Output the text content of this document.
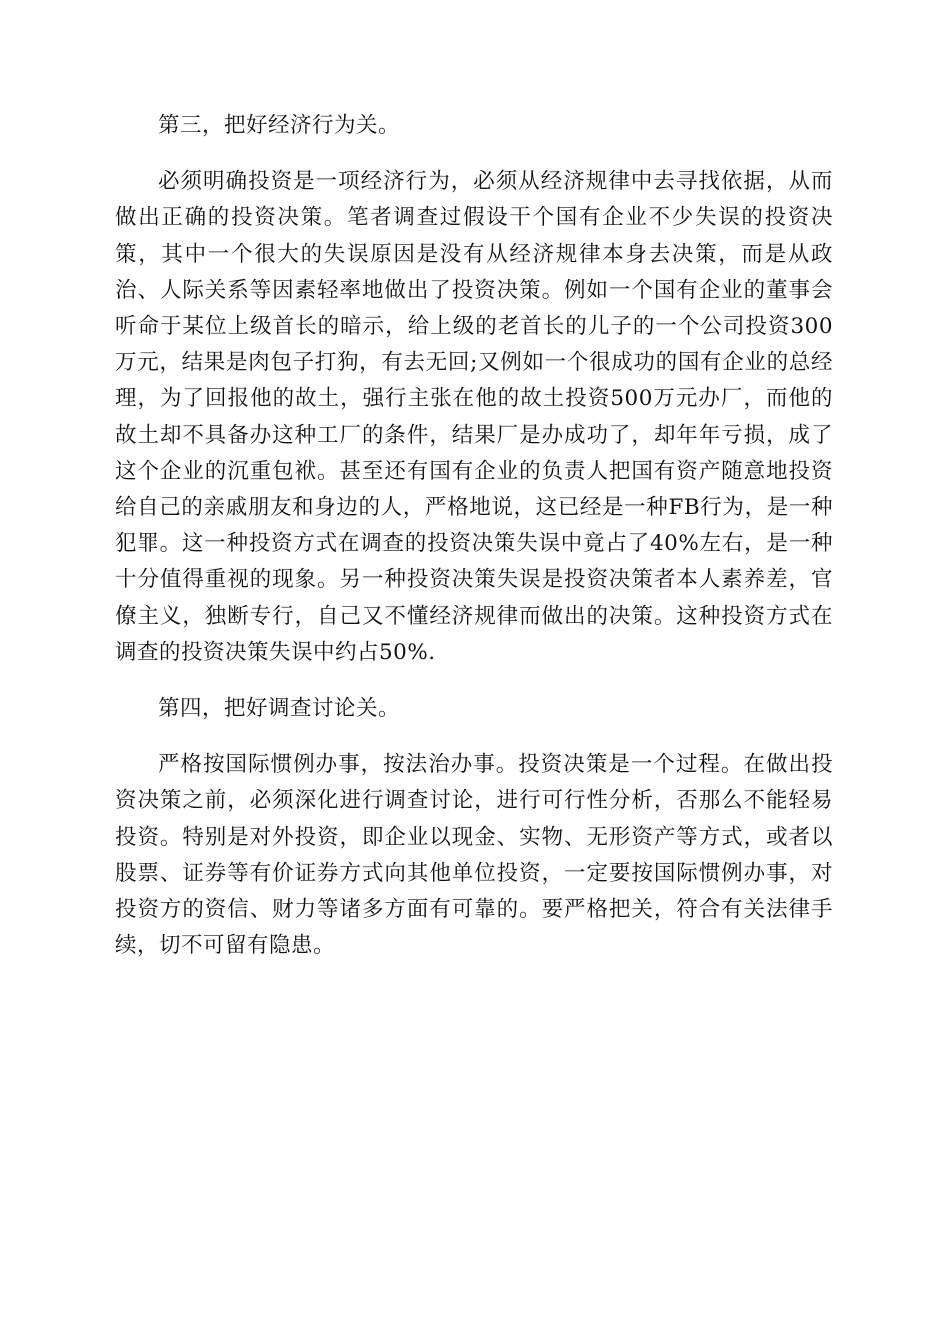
第三，把好经济行为关。

必须明确投资是一项经济行为，必须从经济规律中去寻找依据，从而做出正确的投资决策。笔者调查过假设干个国有企业不少失误的投资决策，其中一个很大的失误原因是没有从经济规律本身去决策，而是从政治、人际关系等因素轻率地做出了投资决策。例如一个国有企业的董事会听命于某位上级首长的暗示，给上级的老首长的儿子的一个公司投资300万元，结果是肉包子打狗，有去无回;又例如一个很成功的国有企业的总经理，为了回报他的故土，强行主张在他的故土投资500万元办厂，而他的故土却不具备办这种工厂的条件，结果厂是办成功了，却年年亏损，成了这个企业的沉重包袱。甚至还有国有企业的负责人把国有资产随意地投资给自己的亲戚朋友和身边的人，严格地说，这已经是一种FB行为，是一种犯罪。这一种投资方式在调查的投资决策失误中竟占了40%左右，是一种十分值得重视的现象。另一种投资决策失误是投资决策者本人素养差，官僚主义，独断专行，自己又不懂经济规律而做出的决策。这种投资方式在调查的投资决策失误中约占50%.

第四，把好调查讨论关。

严格按国际惯例办事，按法治办事。投资决策是一个过程。在做出投资决策之前，必须深化进行调查讨论，进行可行性分析，否那么不能轻易投资。特别是对外投资，即企业以现金、实物、无形资产等方式，或者以股票、证券等有价证券方式向其他单位投资，一定要按国际惯例办事，对投资方的资信、财力等诸多方面有可靠的。要严格把关，符合有关法律手续，切不可留有隐患。
